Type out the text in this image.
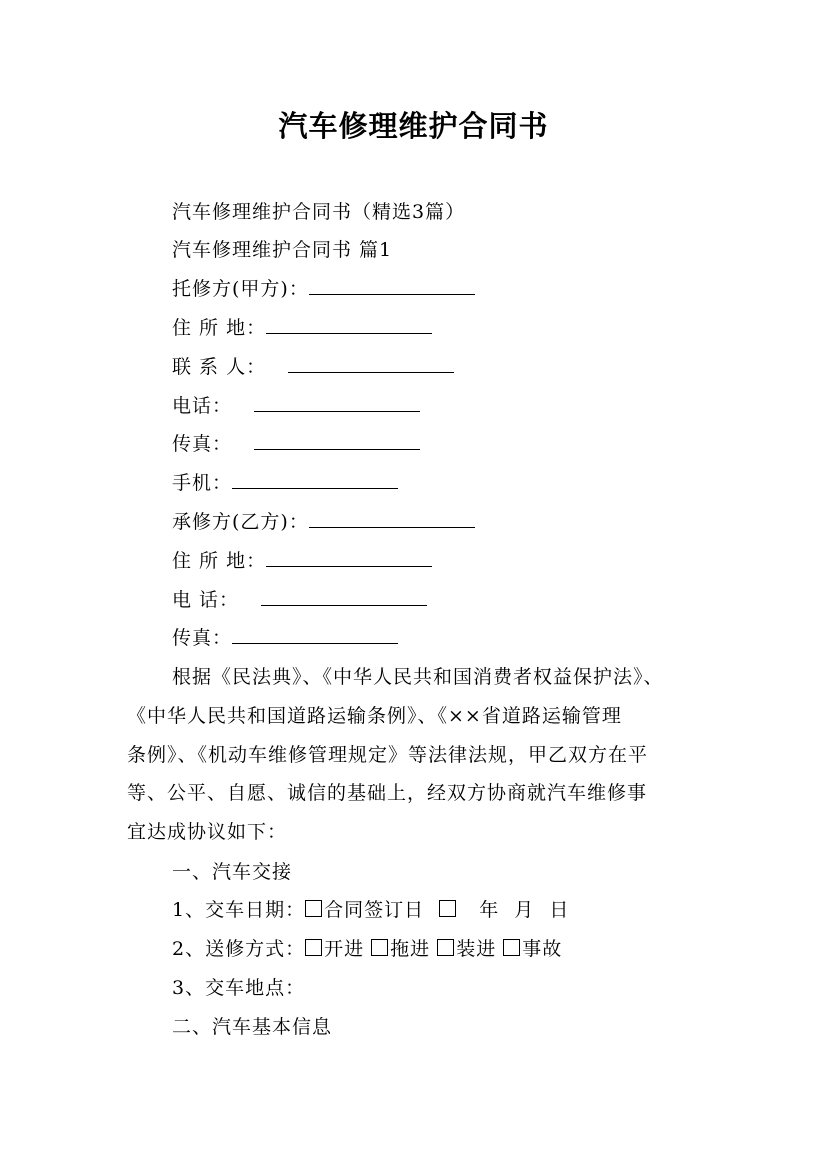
汽车修理维护合同书
汽车修理维护合同书（精选3篇）
汽车修理维护合同书 篇1
托修方(甲方)：
住 所 地：
联 系 人：
电话：
传真：
手机：
承修方(乙方)：
住 所 地：
电 话：
传真：
根据《民法典》、《中华人民共和国消费者权益保护法》、
《中华人民共和国道路运输条例》、《××省道路运输管理
条例》、《机动车维修管理规定》等法律法规，甲乙双方在平
等、公平、自愿、诚信的基础上，经双方协商就汽车维修事
宜达成协议如下：
一、汽车交接
1、交车日期： 合同签订日	年 月 日
2、送修方式： 开进 拖进 装进 事故
3、交车地点：
二、汽车基本信息
